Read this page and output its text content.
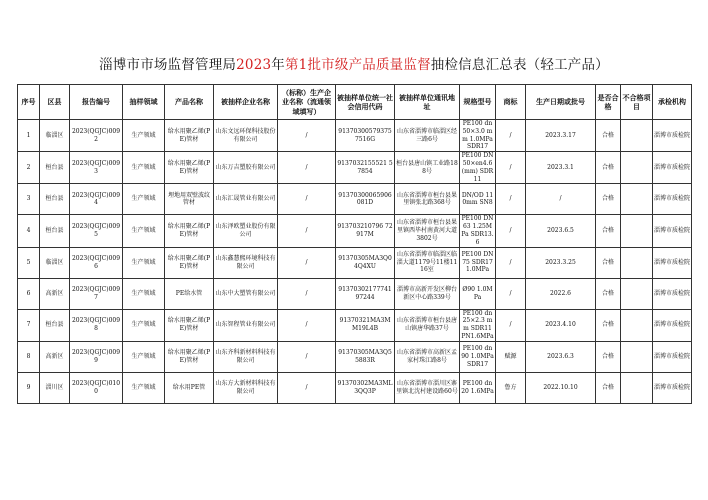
淄博市市场监督管理局2023年第1批市级产品质量监督抽检信息汇总表（轻工产品）
序号	区县	报告编号	抽样领域	产品名称	被抽样企业名称	（标称）生产企业名称（流通领域填写）	被抽样单位统一社会信用代码	被抽样单位通讯地址	规格型号	商标	生产日期或批号	是否合格	不合格项目	承检机构
1	临淄区	2023(QGJC)0092	生产领域	给水用聚乙烯(PE)管材	山东文远环保科技股份有限公司	/	913703005793757516G	山东省淄博市临淄区经三路6号	PE100 dn50×3.0 mm 1.0MPa SDR17	/	2023.3.17	合格		淄博市质检院
2	桓台县	2023(QGJC)0093	生产领域	给水用聚乙烯(PE)管材	山东万吉塑胶有限公司	/	9137032155521 57854	桓台县唐山镇工业路188号	PE100 DN50×en4.6(mm) SDR11	/	2023.3.1	合格		淄博市质检院
3	桓台县	2023(QGJC)0094	生产领域	埋地用双壁波纹管材	山东汇晟管业有限公司	/	91370300065906081D	山东省淄博市桓台县果里镇张北路368号	DN/OD 110mm SN8	/	/	合格		淄博市质检院
4	桓台县	2023(QGJC)0095	生产领域	给水用聚乙烯(PE)管材	山东泽欧塑业股份有限公司	/	913703210796 72917M	山东省淄博市桓台县果里镇西毕村南黄河大道3802号	PE100 DN63 1.25MPa SDR13.6	/	2023.6.5	合格		淄博市质检院
5	临淄区	2023(QGJC)0096	生产领域	给水用聚乙烯(PE)管材	山东鑫慧熙环境科技有限公司	/	91370305MA3Q04Q4XU	山东省淄博市临淄区临淄大道1179号11楼1116室	PE100 DN75 SDR17 1.0MPa	/	2023.3.25	合格		淄博市质检院
6	高新区	2023(QGJC)0097	生产领域	PE给水管	山东中大塑管有限公司	/	9137030217774197244	淄博市高新开发区柳台新区中心路339号	Ø90 1.0MPa	/	2022.6	合格		淄博市质检院
7	桓台县	2023(QGJC)0098	生产领域	给水用聚乙烯(PE)管材	山东智程管业有限公司	/	91370321MA3MM19L4B	山东省淄博市桓台县唐山镇唐华路37号	PE100 dn25×2.3 mm SDR11 PN1.6MPa	/	2023.4.10	合格		淄博市质检院
8	高新区	2023(QGJC)0099	生产领域	给水用聚乙烯(PE)管材	山东齐科新材料科技有限公司	/	91370305MA3Q55883R	山东省淄博市高新区孟家村珠江路8号	PE100 dn90 1.0MPa SDR17	赋源	2023.6.3	合格		淄博市质检院
9	淄川区	2023(QGJC)0100	生产领域	给水用PE管	山东方大新材料科技有限公司	/	91370302MA3ML3QQ3P	山东省淄博市淄川区寨里镇北沈村建设路60号	PE100 dn20 1.6MPa	鲁方	2022.10.10	合格		淄博市质检院
